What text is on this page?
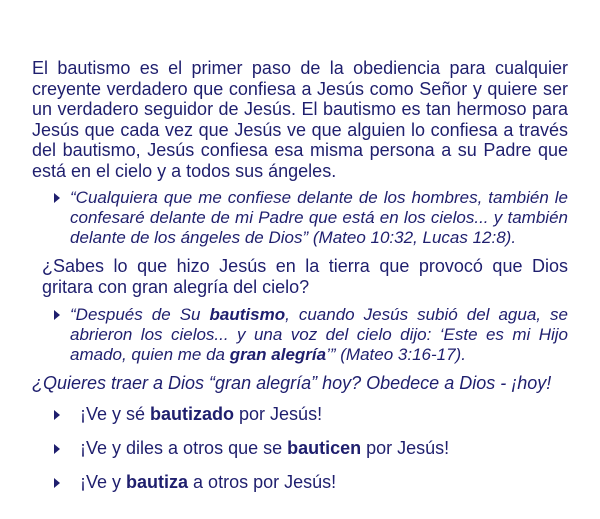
El bautismo es el primer paso de la obediencia para cualquier creyente verdadero que confiesa a Jesús como Señor y quiere ser un verdadero seguidor de Jesús. El bautismo es tan hermoso para Jesús que cada vez que Jesús ve que alguien lo confiesa a través del bautismo, Jesús confiesa esa misma persona a su Padre que está en el cielo y a todos sus ángeles.

“Cualquiera que me confiese delante de los hombres, también le confesaré delante de mi Padre que está en los cielos... y también delante de los ángeles de Dios” (Mateo 10:32, Lucas 12:8).

¿Sabes lo que hizo Jesús en la tierra que provocó que Dios gritara con gran alegría del cielo?

“Después de Su bautismo, cuando Jesús subió del agua, se abrieron los cielos... y una voz del cielo dijo: ‘Este es mi Hijo amado, quien me da gran alegría’” (Mateo 3:16-17).

¿Quieres traer a Dios “gran alegría” hoy? Obedece a Dios - ¡hoy!

¡Ve y sé bautizado por Jesús!

¡Ve y diles a otros que se bauticen por Jesús!

¡Ve y bautiza a otros por Jesús!
